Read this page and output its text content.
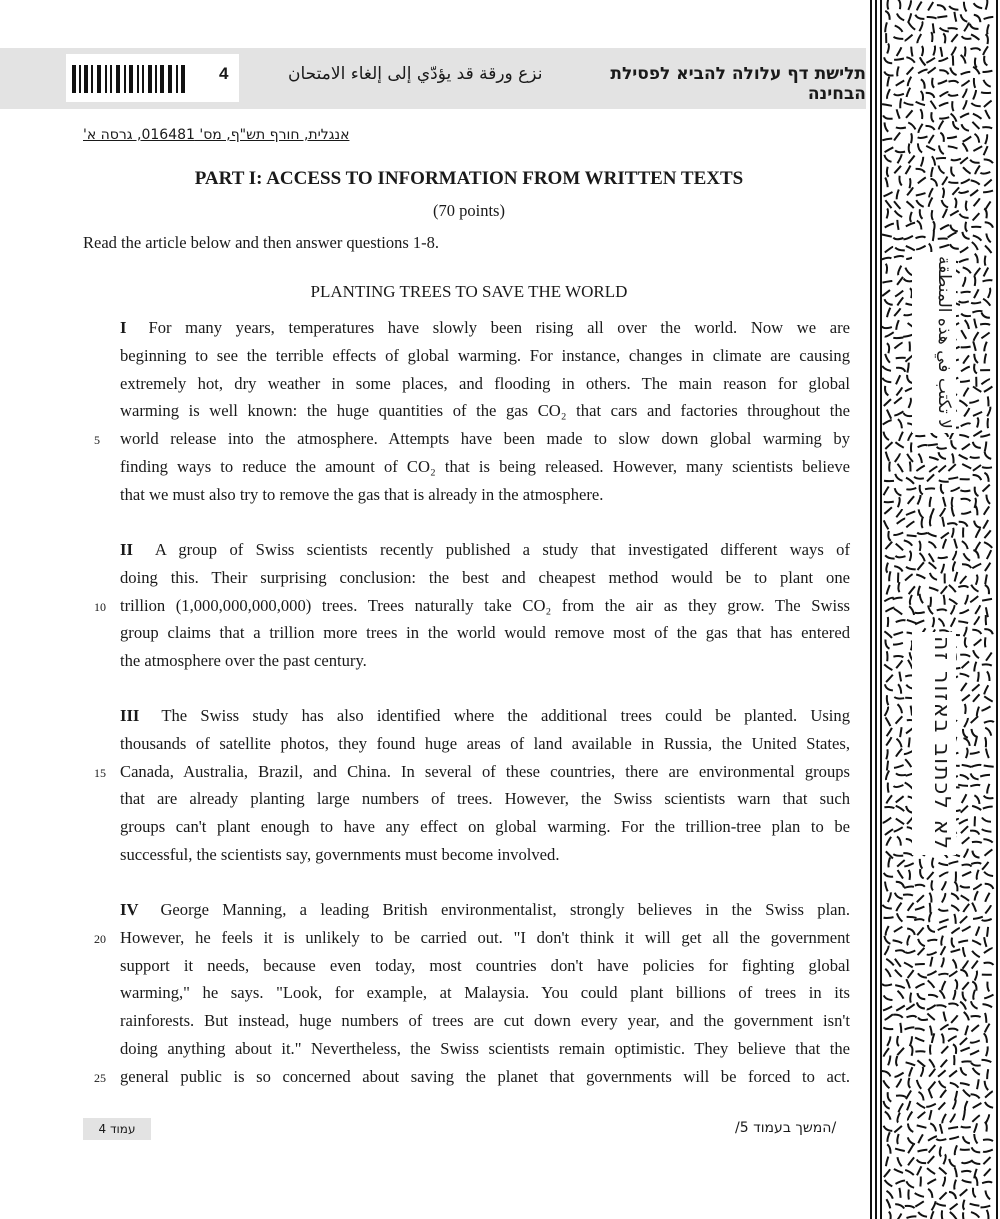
4	نزع ورقة قد يؤدّي إلى إلغاء الامتحان	תלישת דף עלולה להביא לפסילת הבחינה
אנגלית, חורף תש"ף, מס' 016481, גרסה א'
PART I: ACCESS TO INFORMATION FROM WRITTEN TEXTS
(70 points)
Read the article below and then answer questions 1-8.
PLANTING TREES TO SAVE THE WORLD
I For many years, temperatures have slowly been rising all over the world. Now we are
beginning to see the terrible effects of global warming. For instance, changes in climate are causing
extremely hot, dry weather in some places, and flooding in others. The main reason for global
warming is well known: the huge quantities of the gas CO₂ that cars and factories throughout the
world release into the atmosphere. Attempts have been made to slow down global warming by
finding ways to reduce the amount of CO₂ that is being released. However, many scientists believe
that we must also try to remove the gas that is already in the atmosphere.
II A group of Swiss scientists recently published a study that investigated different ways of
doing this. Their surprising conclusion: the best and cheapest method would be to plant one
trillion (1,000,000,000,000) trees. Trees naturally take CO₂ from the air as they grow. The Swiss
group claims that a trillion more trees in the world would remove most of the gas that has entered
the atmosphere over the past century.
III The Swiss study has also identified where the additional trees could be planted. Using
thousands of satellite photos, they found huge areas of land available in Russia, the United States,
Canada, Australia, Brazil, and China. In several of these countries, there are environmental groups
that are already planting large numbers of trees. However, the Swiss scientists warn that such
groups can't plant enough to have any effect on global warming. For the trillion-tree plan to be
successful, the scientists say, governments must become involved.
IV George Manning, a leading British environmentalist, strongly believes in the Swiss plan.
However, he feels it is unlikely to be carried out. "I don't think it will get all the government
support it needs, because even today, most countries don't have policies for fighting global
warming," he says. "Look, for example, at Malaysia. You could plant billions of trees in its
rainforests. But instead, huge numbers of trees are cut down every year, and the government isn't
doing anything about it." Nevertheless, the Swiss scientists remain optimistic. They believe that the
general public is so concerned about saving the planet that governments will be forced to act.
5
10
15
20
25
עמוד 4	/המשך בעמוד 5/
لا تكتب في هذه المنطقة
לא לכתוב באזור זה
